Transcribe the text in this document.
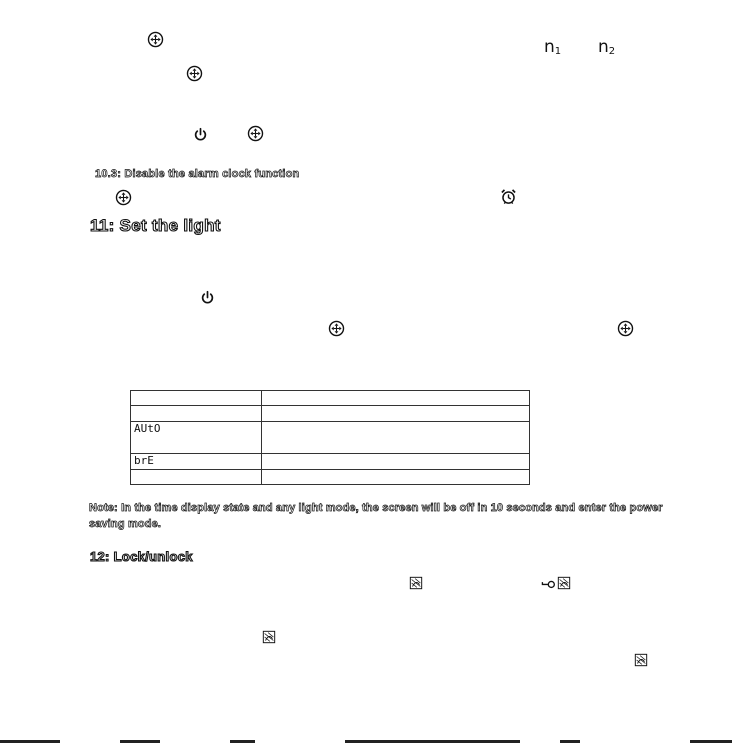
$n_1$ $n_2$
10.3: Disable the alarm clock function
11: Set the light

AUtO	
brE	

Note: In the time display state and any light mode, the screen will be off in 10 seconds and enter the power saving mode.
12: Lock/unlock
